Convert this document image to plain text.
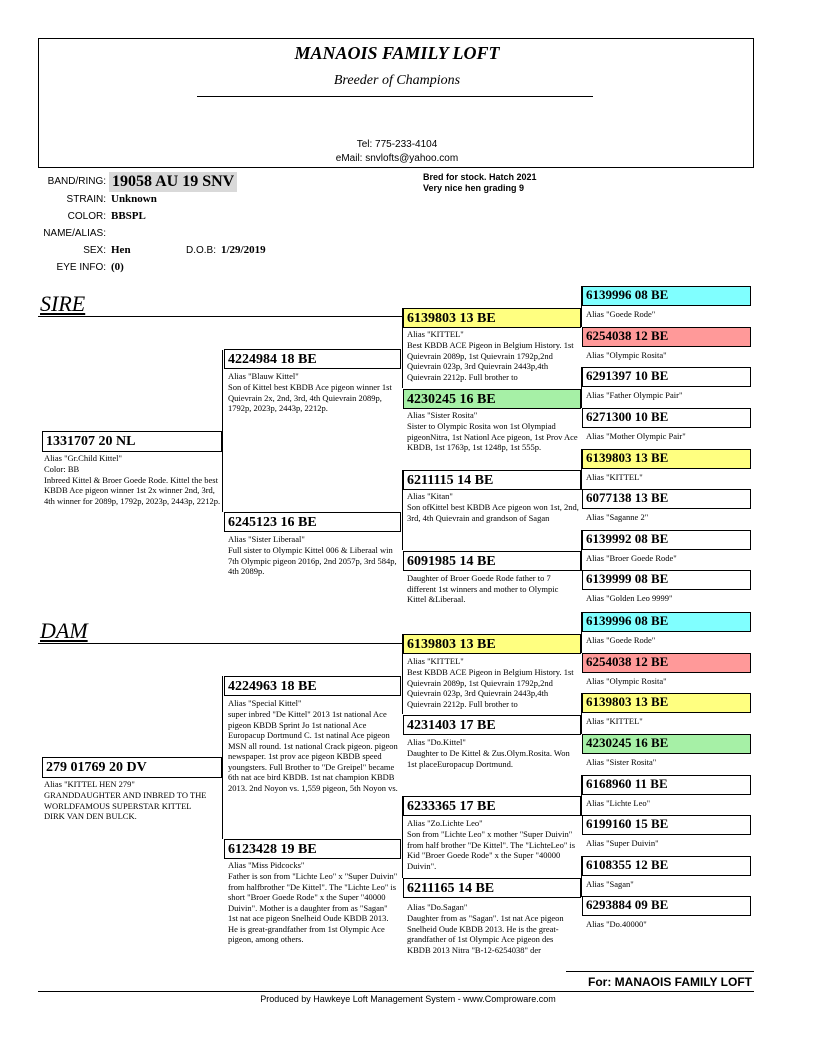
MANAOIS FAMILY LOFT
Breeder of Champions
Tel: 775-233-4104
eMail: snvlofts@yahoo.com
BAND/RING: 19058 AU 19 SNV
STRAIN: Unknown
COLOR: BBSPL
NAME/ALIAS:
SEX: Hen	D.O.B: 1/29/2019
EYE INFO: (0)
Bred for stock. Hatch 2021
Very nice hen grading 9
SIRE
1331707 20 NL
Alias "Gr.Child Kittel"
Color: BB
Inbreed Kittel & Broer Goede Rode. Kittel the best KBDB Ace pigeon winner 1st 2x winner 2nd, 3rd, 4th winner for 2089p, 1792p, 2023p, 2443p, 2212p.
4224984 18 BE
Alias "Blauw Kittel"
Son of Kittel best KBDB Ace pigeon winner 1st Quievrain 2x, 2nd, 3rd, 4th Quievrain 2089p, 1792p, 2023p, 2443p, 2212p.
6245123 16 BE
Alias "Sister Liberaal"
Full sister to Olympic Kittel 006 & Liberaal win 7th Olympic pigeon 2016p, 2nd 2057p, 3rd 584p, 4th 2089p.
6139803 13 BE
Alias "KITTEL"
Best KBDB ACE Pigeon in Belgium History. 1st Quievrain 2089p, 1st Quievrain 1792p,2nd Quievrain 023p, 3rd Quievrain 2443p,4th Quievrain 2212p. Full brother to
4230245 16 BE
Alias "Sister Rosita"
Sister to Olympic Rosita won 1st Olympiad pigeonNitra, 1st Nationl Ace pigeon, 1st Prov Ace KBDB, 1st 1763p, 1st 1248p, 1st 555p.
6211115 14 BE
Alias "Kitan"
Son ofKittel best KBDB Ace pigeon won 1st, 2nd, 3rd, 4th Quievrain and grandson of Sagan
6091985 14 BE
Daughter of Broer Goede Rode father to 7 different 1st winners and mother to Olympic Kittel &Liberaal.
6139996 08 BE
Alias "Goede Rode"
6254038 12 BE
Alias "Olympic Rosita"
6291397 10 BE
Alias "Father Olympic Pair"
6271300 10 BE
Alias "Mother Olympic Pair"
6139803 13 BE
Alias "KITTEL"
6077138 13 BE
Alias "Saganne 2"
6139992 08 BE
Alias "Broer Goede Rode"
6139999 08 BE
Alias "Golden Leo 9999"
DAM
279 01769 20 DV
Alias "KITTEL HEN 279"
GRANDDAUGHTER AND INBRED TO THE WORLDFAMOUS SUPERSTAR KITTEL DIRK VAN DEN BULCK.
4224963 18 BE
Alias "Special Kittel"
super inbred "De Kittel" 2013 1st national Ace pigeon KBDB Sprint Jo 1st national Ace Europacup Dortmund C. 1st natinal Ace pigeon MSN all round. 1st national Crack pigeon. pigeon newspaper. 1st prov ace pigeon KBDB speed youngsters. Full Brother to "De Greipel" became 6th nat ace bird KBDB. 1st nat champion KBDB 2013. 2nd Noyon vs. 1,559 pigeon, 5th Noyon vs.
6123428 19 BE
Alias "Miss Pidcocks"
Father is son from "Lichte Leo" x "Super Duivin" from halfbrother "De Kittel". The "Lichte Leo" is short "Broer Goede Rode" x the Super "40000 Duivin". Mother is a daughter from as "Sagan" 1st nat ace pigeon Snelheid Oude KBDB 2013. He is great-grandfather from 1st Olympic Ace pigeon, among others.
6139803 13 BE
Alias "KITTEL"
Best KBDB ACE Pigeon in Belgium History. 1st Quievrain 2089p, 1st Quievrain 1792p,2nd Quievrain 023p, 3rd Quievrain 2443p,4th Quievrain 2212p. Full brother to
4231403 17 BE
Alias "Do.Kittel"
Daughter to De Kittel & Zus.Olym.Rosita. Won 1st placeEuropacup Dortmund.
6233365 17 BE
Alias "Zo.Lichte Leo"
Son from "Lichte Leo" x mother "Super Duivin" from half brother "De Kittel". The "LichteLeo" is Kid "Broer Goede Rode" x the Super "40000 Duivin".
6211165 14 BE
Alias "Do.Sagan"
Daughter from as "Sagan". 1st nat Ace pigeon Snelheid Oude KBDB 2013. He is the great-grandfather of 1st Olympic Ace pigeon des KBDB 2013 Nitra "B-12-6254038" der
6139996 08 BE
Alias "Goede Rode"
6254038 12 BE
Alias "Olympic Rosita"
6139803 13 BE
Alias "KITTEL"
4230245 16 BE
Alias "Sister Rosita"
6168960 11 BE
Alias "Lichte Leo"
6199160 15 BE
Alias "Super Duivin"
6108355 12 BE
Alias "Sagan"
6293884 09 BE
Alias "Do.40000"
For: MANAOIS FAMILY LOFT
Produced by Hawkeye Loft Management System - www.Comproware.com
